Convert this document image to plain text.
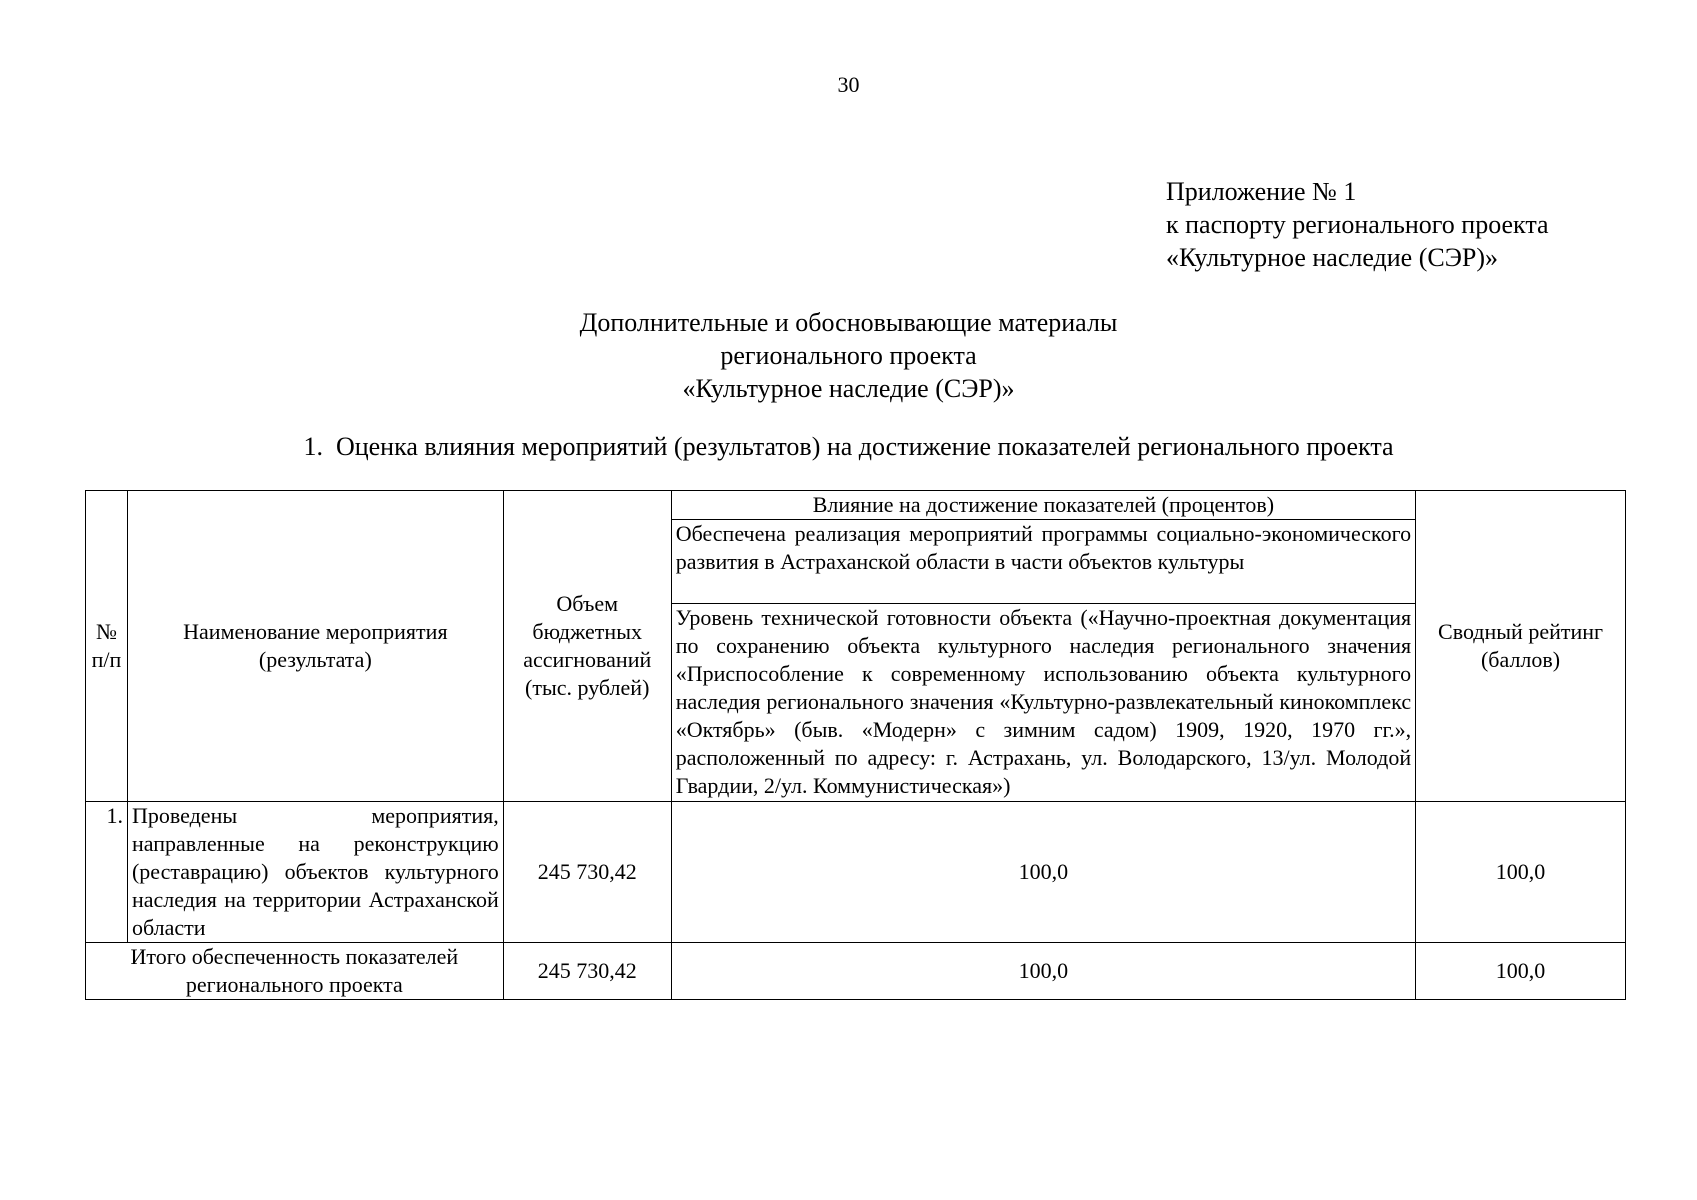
30
Приложение № 1
к паспорту регионального проекта
«Культурное наследие (СЭР)»
Дополнительные и обосновывающие материалы
регионального проекта
«Культурное наследие (СЭР)»
1. Оценка влияния мероприятий (результатов) на достижение показателей регионального проекта
№ п/п	Наименование мероприятия (результата)	Объем бюджетных ассигнований (тыс. рублей)	Влияние на достижение показателей (процентов)	Сводный рейтинг (баллов)
			Обеспечена реализация мероприятий программы социально-экономического развития в Астраханской области в части объектов культуры	
			Уровень технической готовности объекта («Научно-проектная документация по сохранению объекта культурного наследия регионального значения «Приспособление к современному использованию объекта культурного наследия регионального значения «Культурно-развлекательный кинокомплекс «Октябрь» (быв. «Модерн» с зимним садом) 1909, 1920, 1970 гг.», расположенный по адресу: г. Астрахань, ул. Володарского, 13/ул. Молодой Гвардии, 2/ул. Коммунистическая»)	
1.	Проведены мероприятия, направленные на реконструкцию (реставрацию) объектов культурного наследия на территории Астраханской области	245 730,42	100,0	100,0
Итого обеспеченность показателей регионального проекта		245 730,42	100,0	100,0
